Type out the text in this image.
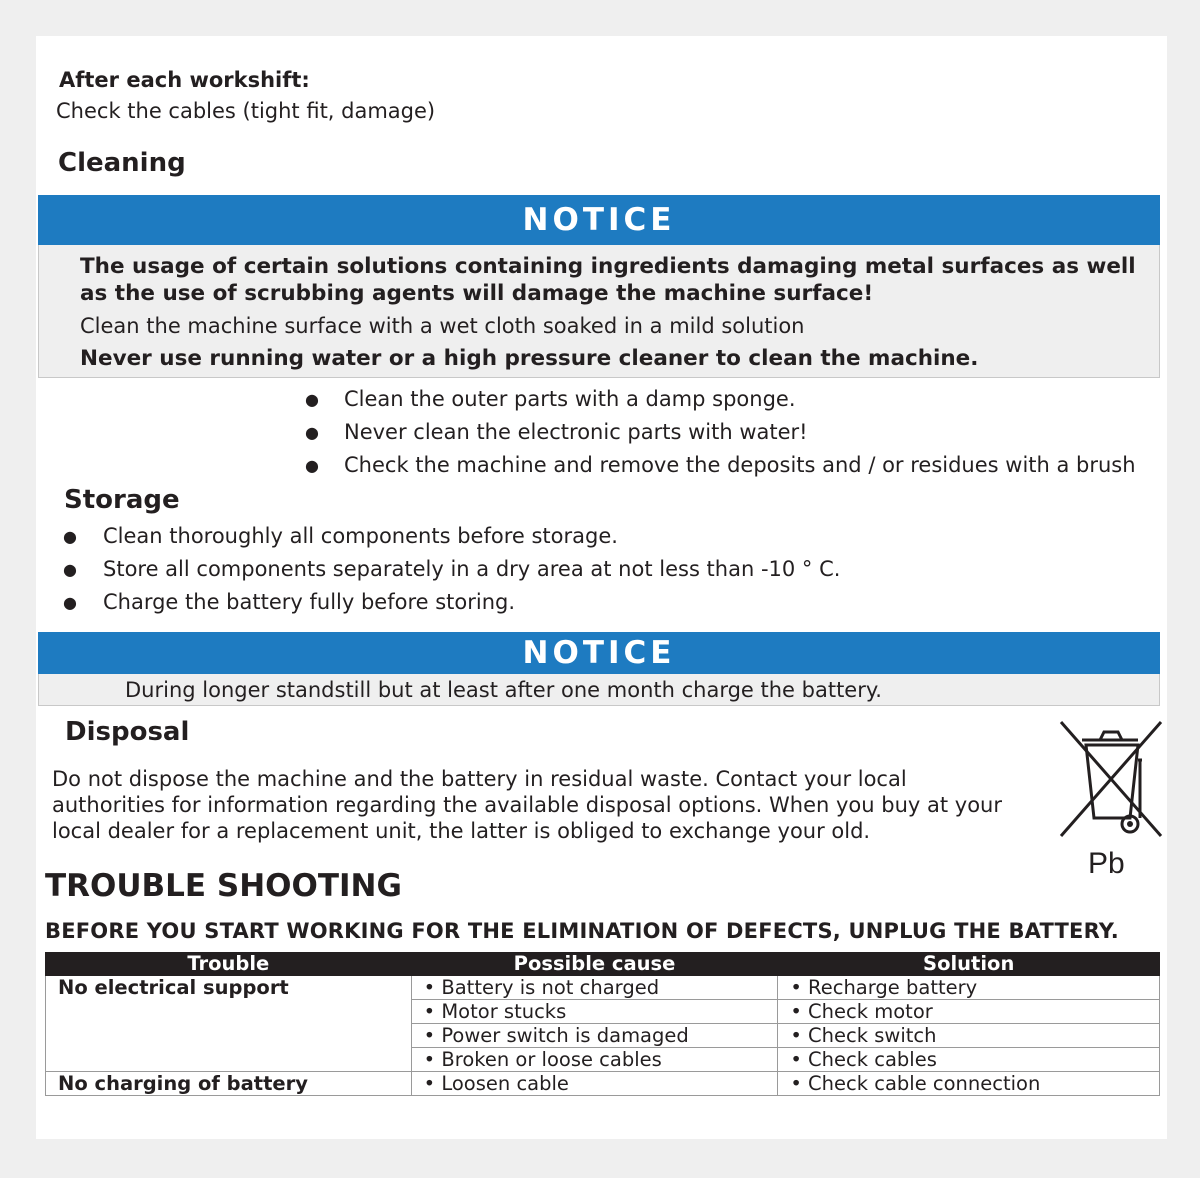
After each workshift:
Check the cables (tight fit, damage)
Cleaning
NOTICE
The usage of certain solutions containing ingredients damaging metal surfaces as well
as the use of scrubbing agents will damage the machine surface!
Clean the machine surface with a wet cloth soaked in a mild solution
Never use running water or a high pressure cleaner to clean the machine.
● Clean the outer parts with a damp sponge.
● Never clean the electronic parts with water!
● Check the machine and remove the deposits and / or residues with a brush
Storage
● Clean thoroughly all components before storage.
● Store all components separately in a dry area at not less than -10 ° C.
● Charge the battery fully before storing.
NOTICE
During longer standstill but at least after one month charge the battery.
Disposal
Do not dispose the machine and the battery in residual waste. Contact your local
authorities for information regarding the available disposal options. When you buy at your
local dealer for a replacement unit, the latter is obliged to exchange your old.
Pb
TROUBLE SHOOTING
BEFORE YOU START WORKING FOR THE ELIMINATION OF DEFECTS, UNPLUG THE BATTERY.
Trouble	Possible cause	Solution
No electrical support	• Battery is not charged	• Recharge battery
	• Motor stucks	• Check motor
	• Power switch is damaged	• Check switch
	• Broken or loose cables	• Check cables
No charging of battery	• Loosen cable	• Check cable connection
